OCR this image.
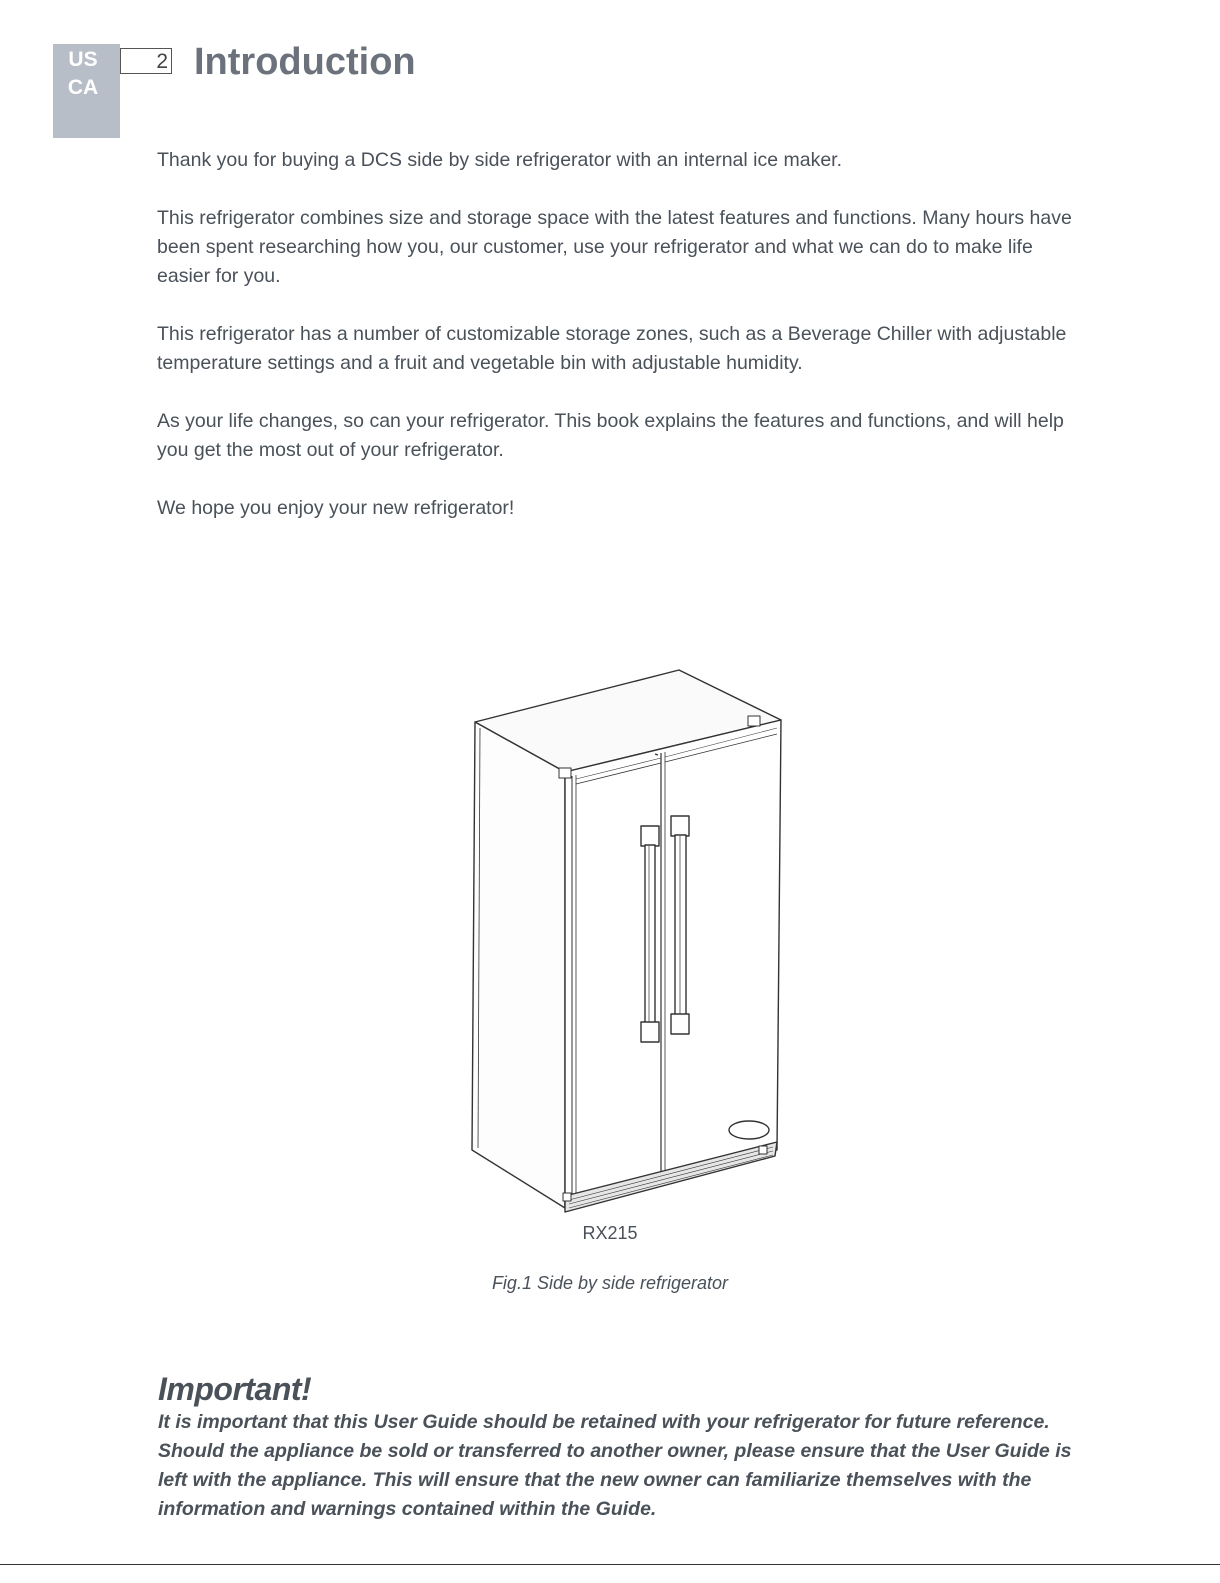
US
CA
2 Introduction

Thank you for buying a DCS side by side refrigerator with an internal ice maker.

This refrigerator combines size and storage space with the latest features and functions. Many hours have been spent researching how you, our customer, use your refrigerator and what we can do to make life easier for you.

This refrigerator has a number of customizable storage zones, such as a Beverage Chiller with adjustable temperature settings and a fruit and vegetable bin with adjustable humidity.

As your life changes, so can your refrigerator. This book explains the features and functions, and will help you get the most out of your refrigerator.

We hope you enjoy your new refrigerator!

RX215
Fig.1 Side by side refrigerator
Important!

It is important that this User Guide should be retained with your refrigerator for future reference. Should the appliance be sold or transferred to another owner, please ensure that the User Guide is left with the appliance. This will ensure that the new owner can familiarize themselves with the information and warnings contained within the Guide.
